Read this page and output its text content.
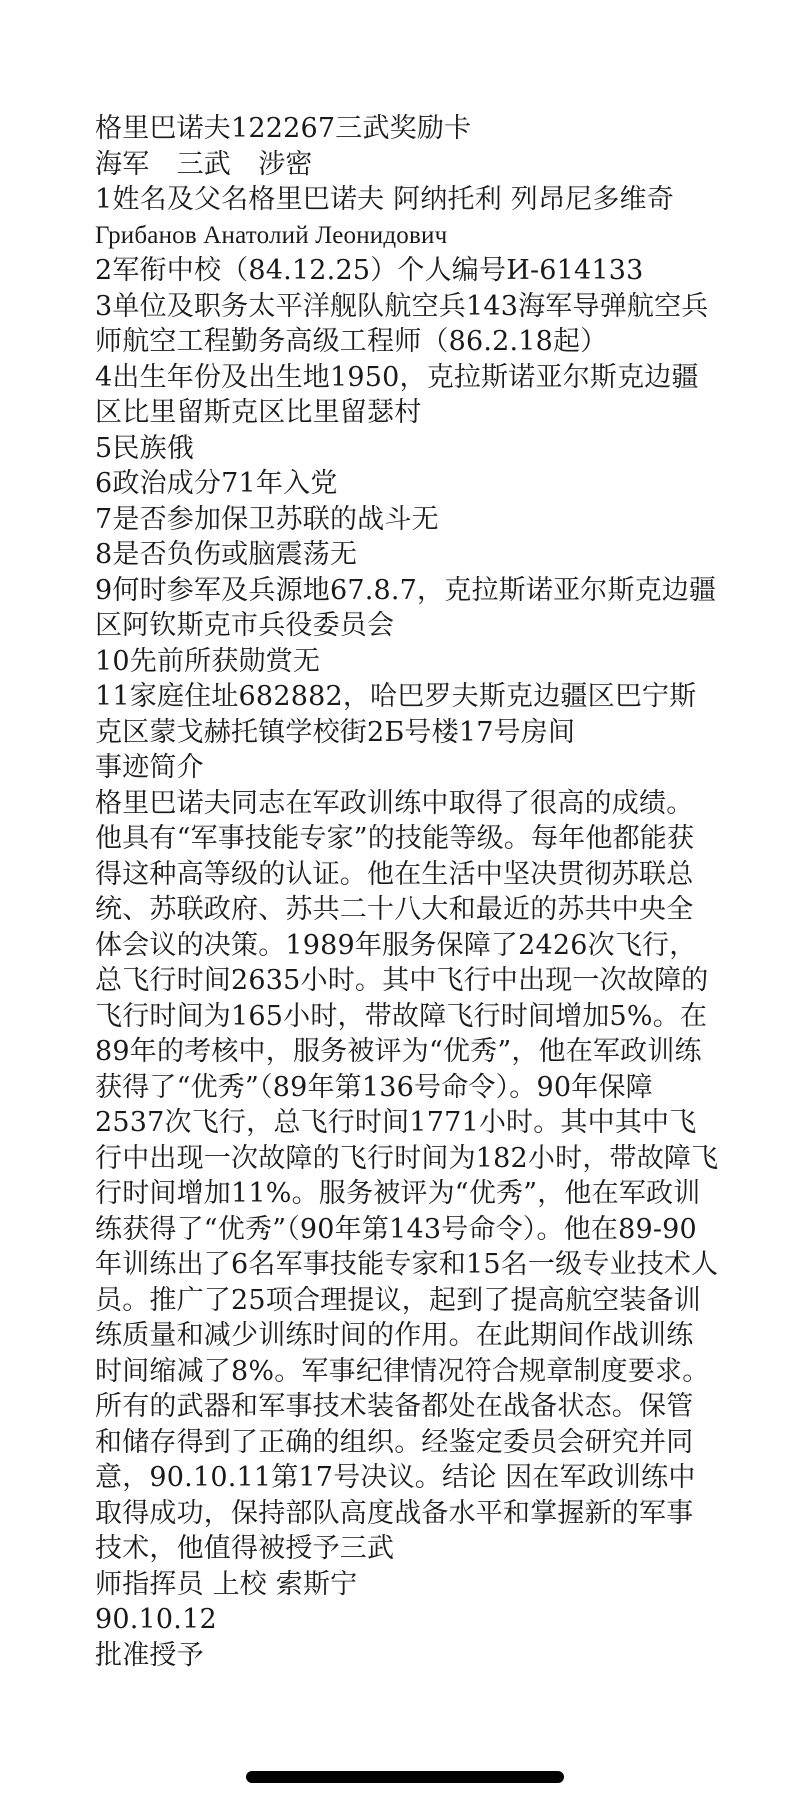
格里巴诺夫122267三武奖励卡

海军　三武　涉密

1姓名及父名格里巴诺夫 阿纳托利 列昂尼多维奇

Грибанов Анатолий Леонидович

2军衔中校（84.12.25）个人编号И-614133

3单位及职务太平洋舰队航空兵143海军导弹航空兵师航空工程勤务高级工程师（86.2.18起）

4出生年份及出生地1950，克拉斯诺亚尔斯克边疆区比里留斯克区比里留瑟村

5民族俄

6政治成分71年入党

7是否参加保卫苏联的战斗无

8是否负伤或脑震荡无

9何时参军及兵源地67.8.7，克拉斯诺亚尔斯克边疆区阿钦斯克市兵役委员会

10先前所获勋赏无

11家庭住址682882，哈巴罗夫斯克边疆区巴宁斯克区蒙戈赫托镇学校街2Б号楼17号房间

事迹简介

格里巴诺夫同志在军政训练中取得了很高的成绩。他具有“军事技能专家”的技能等级。每年他都能获得这种高等级的认证。他在生活中坚决贯彻苏联总统、苏联政府、苏共二十八大和最近的苏共中央全体会议的决策。1989年服务保障了2426次飞行，总飞行时间2635小时。其中飞行中出现一次故障的飞行时间为165小时，带故障飞行时间增加5%。在89年的考核中，服务被评为“优秀”，他在军政训练获得了“优秀”（89年第136号命令）。90年保障2537次飞行，总飞行时间1771小时。其中其中飞行中出现一次故障的飞行时间为182小时，带故障飞行时间增加11%。服务被评为“优秀”，他在军政训练获得了“优秀”（90年第143号命令）。他在89-90年训练出了6名军事技能专家和15名一级专业技术人员。推广了25项合理提议，起到了提高航空装备训练质量和减少训练时间的作用。在此期间作战训练时间缩减了8%。军事纪律情况符合规章制度要求。所有的武器和军事技术装备都处在战备状态。保管和储存得到了正确的组织。经鉴定委员会研究并同意，90.10.11第17号决议。结论 因在军政训练中取得成功，保持部队高度战备水平和掌握新的军事技术，他值得被授予三武

师指挥员 上校 索斯宁

90.10.12

批准授予
